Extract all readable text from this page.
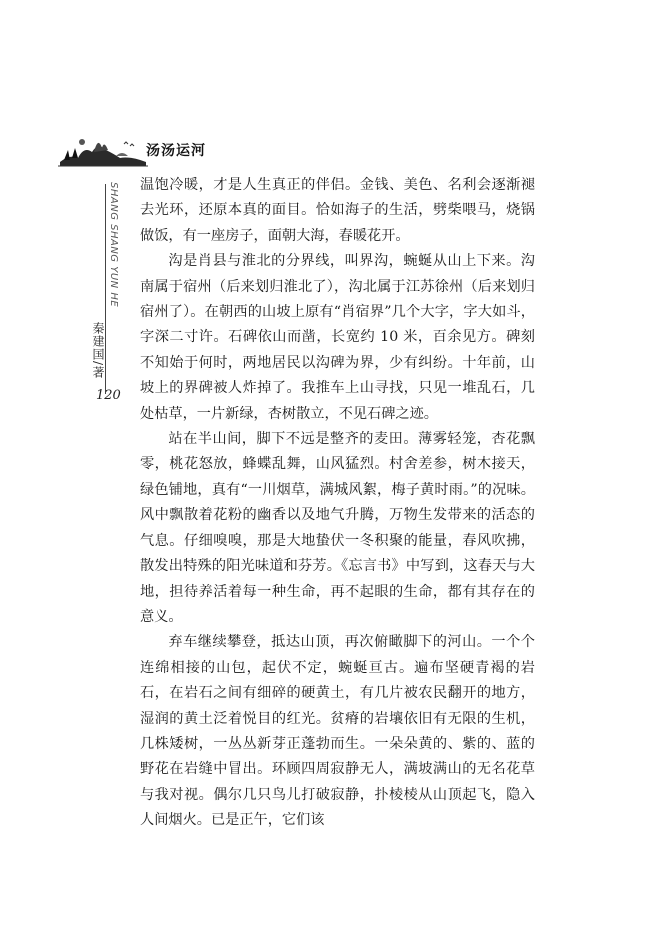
汤汤运河
SHANG SHANG YUN HE
秦建国/著
120

温饱冷暖，才是人生真正的伴侣。金钱、美色、名利会逐渐褪去光环，还原本真的面目。恰如海子的生活，劈柴喂马，烧锅做饭，有一座房子，面朝大海，春暖花开。

沟是肖县与淮北的分界线，叫界沟，蜿蜒从山上下来。沟南属于宿州（后来划归淮北了），沟北属于江苏徐州（后来划归宿州了）。在朝西的山坡上原有“肖宿界”几个大字，字大如斗，字深二寸许。石碑依山而凿，长宽约 10 米，百余见方。碑刻不知始于何时，两地居民以沟碑为界，少有纠纷。十年前，山坡上的界碑被人炸掉了。我推车上山寻找，只见一堆乱石，几处枯草，一片新绿，杏树散立，不见石碑之迹。

站在半山间，脚下不远是整齐的麦田。薄雾轻笼，杏花飘零，桃花怒放，蜂蝶乱舞，山风猛烈。村舍差参，树木接天，绿色铺地，真有“一川烟草，满城风絮，梅子黄时雨。”的况味。风中飘散着花粉的幽香以及地气升腾，万物生发带来的活态的气息。仔细嗅嗅，那是大地蛰伏一冬积聚的能量，春风吹拂，散发出特殊的阳光味道和芬芳。《忘言书》中写到，这春天与大地，担待养活着每一种生命，再不起眼的生命，都有其存在的意义。

弃车继续攀登，抵达山顶，再次俯瞰脚下的河山。一个个连绵相接的山包，起伏不定，蜿蜒亘古。遍布坚硬青褐的岩石，在岩石之间有细碎的硬黄土，有几片被农民翻开的地方，湿润的黄土泛着悦目的红光。贫瘠的岩壤依旧有无限的生机，几株矮树，一丛丛新芽正蓬勃而生。一朵朵黄的、紫的、蓝的野花在岩缝中冒出。环顾四周寂静无人，满坡满山的无名花草与我对视。偶尔几只鸟儿打破寂静，扑棱棱从山顶起飞，隐入人间烟火。已是正午，它们该
